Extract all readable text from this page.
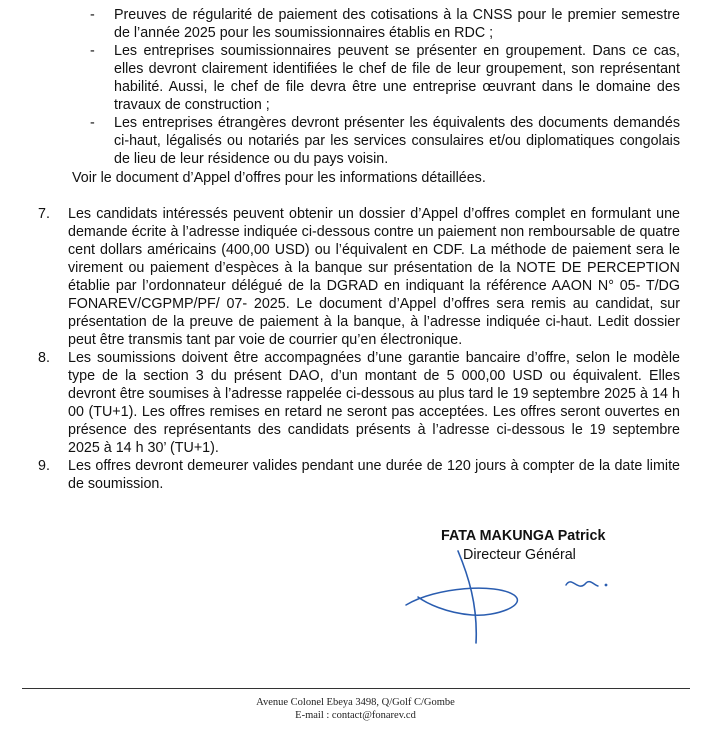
-	Preuves de régularité de paiement des cotisations à la CNSS pour le premier semestre de l’année 2025 pour les soumissionnaires établis en RDC ;
-	Les entreprises soumissionnaires peuvent se présenter en groupement. Dans ce cas, elles devront clairement identifiées le chef de file de leur groupement, son représentant habilité. Aussi, le chef de file devra être une entreprise œuvrant dans le domaine des travaux de construction ;
-	Les entreprises étrangères devront présenter les équivalents des documents demandés ci-haut, légalisés ou notariés par les services consulaires et/ou diplomatiques congolais de lieu de leur résidence ou du pays voisin.
Voir le document d’Appel d’offres pour les informations détaillées.
7.	Les candidats intéressés peuvent obtenir un dossier d’Appel d’offres complet en formulant une demande écrite à l’adresse indiquée ci-dessous contre un paiement non remboursable de quatre cent dollars américains (400,00 USD) ou l’équivalent en CDF. La méthode de paiement sera le virement ou paiement d’espèces à la banque sur présentation de la NOTE DE PERCEPTION établie par l’ordonnateur délégué de la DGRAD en indiquant la référence AAON N° 05- T/DG FONAREV/CGPMP/PF/ 07- 2025. Le document d’Appel d’offres sera remis au candidat, sur présentation de la preuve de paiement à la banque, à l’adresse indiquée ci-haut. Ledit dossier peut être transmis tant par voie de courrier qu’en électronique.
8.	Les soumissions doivent être accompagnées d’une garantie bancaire d’offre, selon le modèle type de la section 3 du présent DAO, d’un montant de 5 000,00 USD ou équivalent. Elles devront être soumises à l’adresse rappelée ci-dessous au plus tard le 19 septembre 2025 à 14 h 00 (TU+1). Les offres remises en retard ne seront pas acceptées. Les offres seront ouvertes en présence des représentants des candidats présents à l’adresse ci-dessous le 19 septembre 2025 à 14 h 30’ (TU+1).
9.	Les offres devront demeurer valides pendant une durée de 120 jours à compter de la date limite de soumission.
FATA MAKUNGA Patrick
Directeur Général
Avenue Colonel Ebeya 3498, Q/Golf C/Gombe
E-mail : contact@fonarev.cd
